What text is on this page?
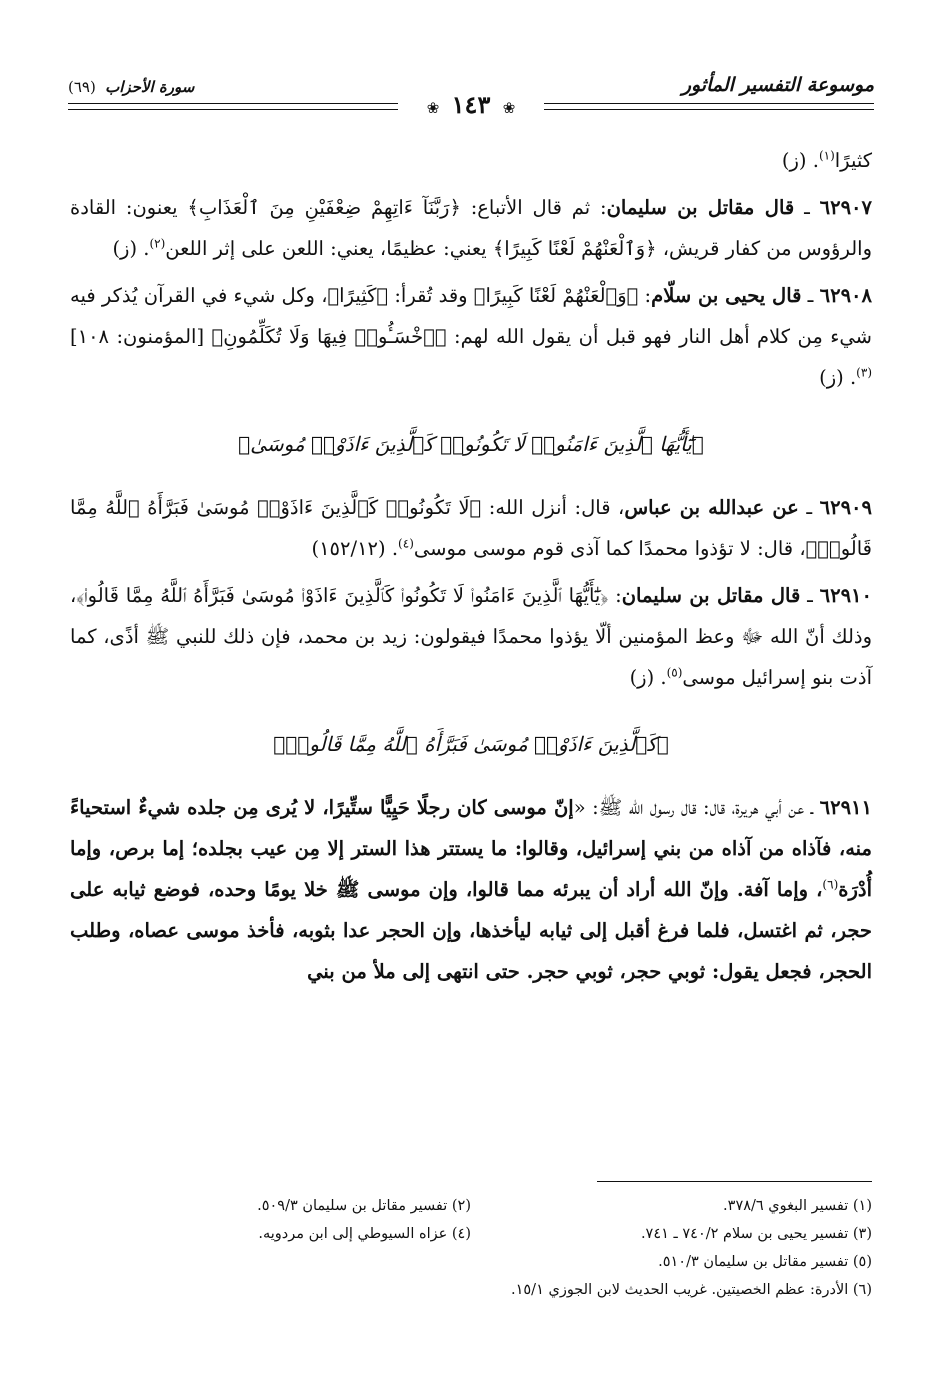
موسوعة التفسير المأثور
سورة الأحزاب (٦٩)
❀ ١٤٣ ❀

كثيرًا$^{(١)}$. (ز)

٦٢٩٠٧ ـ قال مقاتل بن سليمان: ثم قال الأتباع: ﴿رَبَّنَآ ءَاتِهِمْ ضِعْفَيْنِ مِنَ ٱلْعَذَابِ﴾ يعنون: القادة والرؤوس من كفار قريش، ﴿وَٱلْعَنْهُمْ لَعْنًا كَبِيرًا﴾ يعني: عظيمًا، يعني: اللعن على إثر اللعن$^{(٢)}$. (ز)

٦٢٩٠٨ ـ قال يحيى بن سلّام: ﴿وَٱلْعَنْهُمْ لَعْنًا كَبِيرًا﴾ وقد تُقرأ: ﴿كَثِيرًا﴾، وكل شيء في القرآن يُذكر فيه شيء مِن كلام أهل النار فهو قبل أن يقول الله لهم: ﴿ٱخْسَـُٔوا۟ فِيهَا وَلَا تُكَلِّمُونِ﴾ [المؤمنون: ١٠٨]$^{(٣)}$. (ز)

﴿يَٰٓأَيُّهَا ٱلَّذِينَ ءَامَنُوا۟ لَا تَكُونُوا۟ كَٱلَّذِينَ ءَاذَوْا۟ مُوسَىٰ﴾

٦٢٩٠٩ ـ عن عبدالله بن عباس، قال: أنزل الله: ﴿لَا تَكُونُوا۟ كَٱلَّذِينَ ءَاذَوْا۟ مُوسَىٰ فَبَرَّأَهُ ٱللَّهُ مِمَّا قَالُوا۟﴾، قال: لا تؤذوا محمدًا كما آذى قوم موسى موسى$^{(٤)}$. (١٥٢/١٢)

٦٢٩١٠ ـ قال مقاتل بن سليمان: ﴿يَٰٓأَيُّهَا ٱلَّذِينَ ءَامَنُوا۟ لَا تَكُونُوا۟ كَٱلَّذِينَ ءَاذَوْا۟ مُوسَىٰ فَبَرَّأَهُ ٱللَّهُ مِمَّا قَالُوا۟﴾، وذلك أنّ الله ﷻ وعظ المؤمنين ألّا يؤذوا محمدًا فيقولون: زيد بن محمد، فإن ذلك للنبي ﷺ أذًى، كما آذت بنو إسرائيل موسى$^{(٥)}$. (ز)

﴿كَٱلَّذِينَ ءَاذَوْا۟ مُوسَىٰ فَبَرَّأَهُ ٱللَّهُ مِمَّا قَالُوا۟﴾

٦٢٩١١ ـ عن أبي هريرة، قال: قال رسول الله ﷺ: «إنّ موسى كان رجلًا حَيِيًّا ستِّيرًا، لا يُرى مِن جلده شيءٌ استحياءً منه، فآذاه من آذاه من بني إسرائيل، وقالوا: ما يستتر هذا الستر إلا مِن عيب بجلده؛ إما برص، وإما أُدْرَة$^{(٦)}$، وإما آفة. وإنّ الله أراد أن يبرئه مما قالوا، وإن موسى ﷺ خلا يومًا وحده، فوضع ثيابه على حجر، ثم اغتسل، فلما فرغ أقبل إلى ثيابه ليأخذها، وإن الحجر عدا بثوبه، فأخذ موسى عصاه، وطلب الحجر، فجعل يقول: ثوبي حجر، ثوبي حجر. حتى انتهى إلى ملأ من بني

(١) تفسير البغوي ٣٧٨/٦.
(٢) تفسير مقاتل بن سليمان ٥٠٩/٣.
(٣) تفسير يحيى بن سلام ٧٤٠/٢ ـ ٧٤١.
(٤) عزاه السيوطي إلى ابن مردويه.
(٥) تفسير مقاتل بن سليمان ٥١٠/٣.
(٦) الأدرة: عظم الخصيتين. غريب الحديث لابن الجوزي ١٥/١.
